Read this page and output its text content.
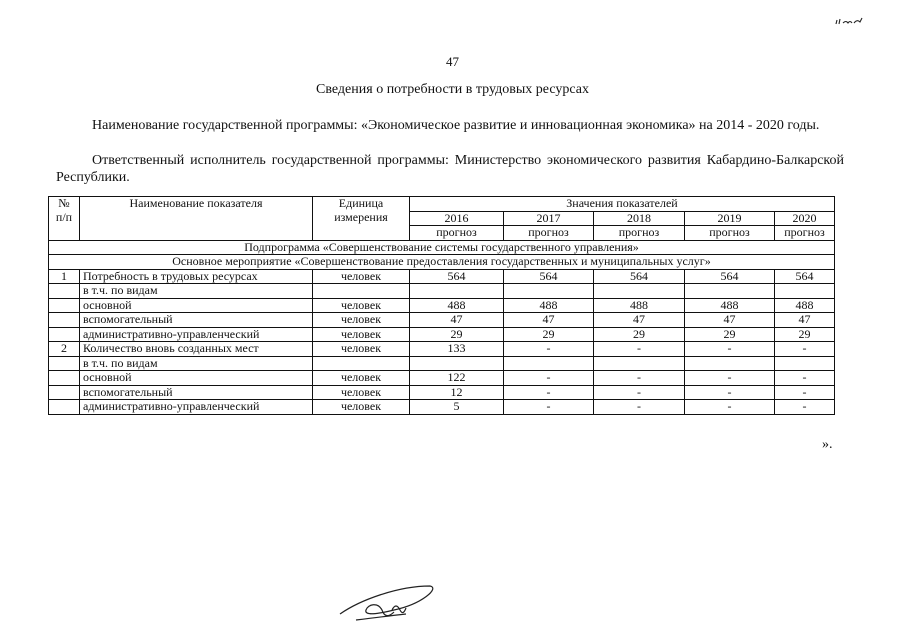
47
Сведения о потребности в трудовых ресурсах
Наименование государственной программы: «Экономическое развитие и инновационная экономика» на 2014 - 2020 годы.
Ответственный исполнитель государственной программы: Министерство экономического развития Кабардино-Балкарской Республики.
№ п/п	Наименование показателя	Единица измерения	Значения показателей				
			2016	2017	2018	2019	2020
			прогноз	прогноз	прогноз	прогноз	прогноз
Подпрограмма «Совершенствование системы государственного управления»							
Основное мероприятие «Совершенствование предоставления государственных и муниципальных услуг»							
1	Потребность в трудовых ресурсах	человек	564	564	564	564	564
	в т.ч. по видам						
	основной	человек	488	488	488	488	488
	вспомогательный	человек	47	47	47	47	47
	административно-управленческий	человек	29	29	29	29	29
2	Количество вновь созданных мест	человек	133	-	-	-	-
	в т.ч. по видам						
	основной	человек	122	-	-	-	-
	вспомогательный	человек	12	-	-	-	-
	административно-управленческий	человек	5	-	-	-	-
».
